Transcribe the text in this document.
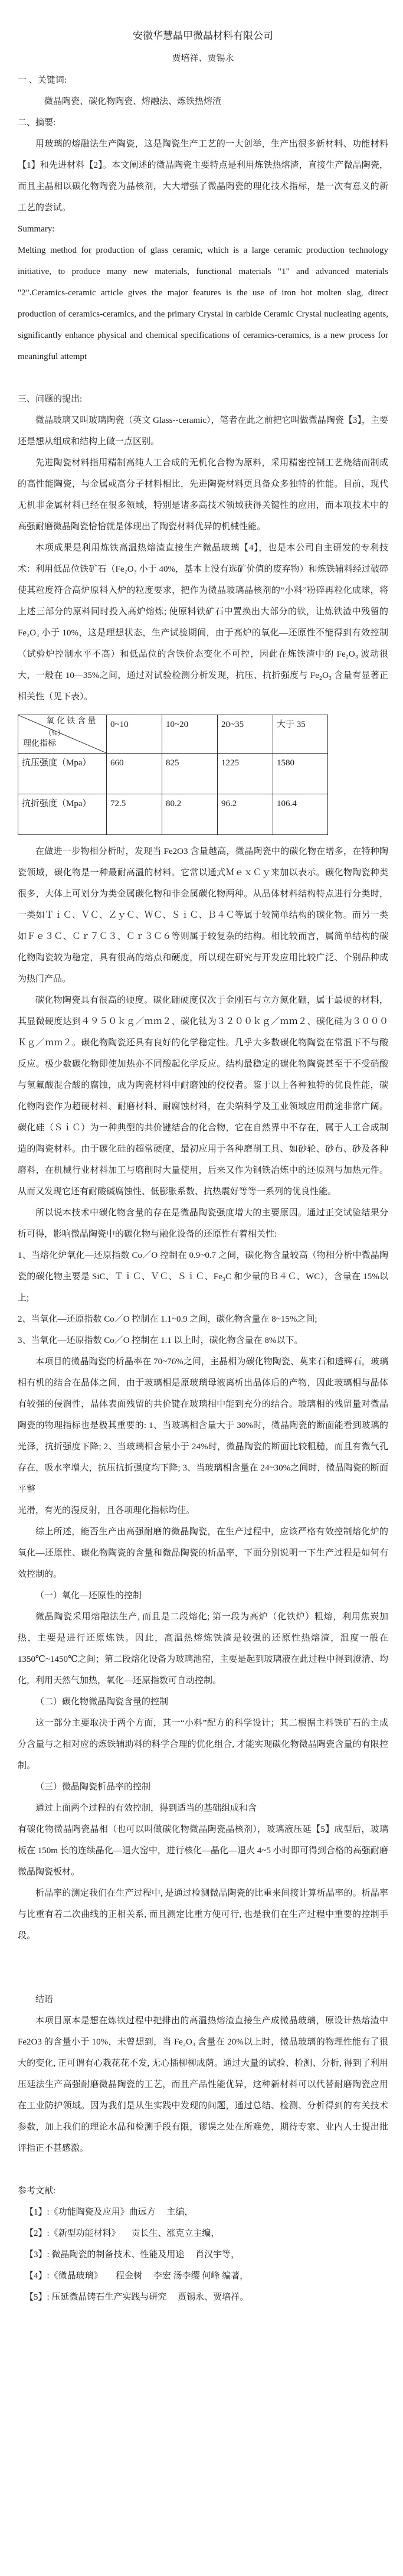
安徽华慧晶甲微晶材料有限公司
贾培祥、贾锡永
一 、关键词:

微晶陶瓷、碳化物陶瓷、熔融法、炼铁热熔渣

二、摘要:

用玻璃的熔融法生产陶瓷，这是陶瓷生产工艺的一大创举，生产出很多新材料、功能材料【1】和先进材料【2】。本文阐述的微晶陶瓷主要特点是利用炼铁热熔渣，直接生产微晶陶瓷，而且主晶相以碳化物陶瓷为晶核剂，大大增强了微晶陶瓷的理化技术指标，是一次有意义的新工艺的尝试。

Summary:

Melting method for production of glass ceramic, which is a large ceramic production technology initiative, to produce many new materials, functional materials "1" and advanced materials "2".Ceramics-ceramic article gives the major features is the use of iron hot molten slag, direct production of ceramics-ceramics, and the primary Crystal in carbide Ceramic Crystal nucleating agents, significantly enhance physical and chemical specifications of ceramics-ceramics, is a new process for meaningful attempt

三、问题的提出:

微晶玻璃又叫玻璃陶瓷（英文 Glass--ceramic），笔者在此之前把它叫做微晶陶瓷【3】，主要还是想从组成和结构上做一点区别。

先进陶瓷材料指用精制高纯人工合成的无机化合物为原料，采用精密控制工艺烧结而制成的高性能陶瓷，与金属或高分子材料相比，先进陶瓷材料更具备众多独特的性能。目前，现代无机非金属材料已经在很多领域，特别是诸多高技术领域获得关键性的应用，而本项技术中的高强耐磨微晶陶瓷恰恰就是体现出了陶瓷材料优异的机械性能。

本项成果是利用炼铁高温热熔渣直接生产微晶玻璃【4】，也是本公司自主研发的专利技术：利用低品位铁矿石（Fe₂O₃ 小于 40%，基本上没有选矿价值的废弃物）和炼铁辅料经过破碎使其粒度符合高炉原料入炉的粒度要求，把作为微晶玻璃晶核剂的“小料”粉碎再粒化成球，将上述三部分的原料同时投入高炉熔炼; 使原料铁矿石中置换出大部分的铁，让炼铁渣中残留的 Fe₂O₃ 小于 10%，这是理想状态，生产试验期间，由于高炉的氧化—还原性不能得到有效控制（试验炉控制水平不高）和低品位的含铁价态变化不可控，因此在炼铁渣中的 Fe₂O₃ 波动很大，一般在 10—35%之间，通过对试验检测分析发现，抗压、抗折强度与 Fe₂O₃ 含量有显著正相关性（见下表）。

氧 化 铁 含 量
（%）
理化指标	0~10	10~20	20~35	大于 35
抗压强度（Mpa）	660	825	1225	1580
抗折强度（Mpa）	72.5	80.2	96.2	106.4

在做进一步物相分析时，发现当 Fe2O3 含量越高，微晶陶瓷中的碳化物在增多，在特种陶瓷领域，碳化物是一种最耐高温的材料。它常以通式ＭｅｘＣｙ来加以表示。碳化物陶瓷种类很多，大体上可划分为类金属碳化物和非金属碳化物两种。从晶体材料结构特点进行分类时，一类如ＴｉＣ、ＶＣ、ＺｙＣ、ＷＣ、ＳｉＣ、Ｂ４Ｃ等属于较简单结构的碳化物。而另一类如Ｆｅ３Ｃ、Ｃｒ７Ｃ３、Ｃｒ３Ｃ６等则属于较复杂的结构。相比较而言，属简单结构的碳化物陶瓷较为稳定，具有很高的熔点和硬度，所以现在研究与开发应用比较广泛、个别品种成为热门产品。

碳化物陶瓷具有很高的硬度。碳化硼硬度仅次于金刚石与立方氮化硼，属于最硬的材料，其显微硬度达到４９５０ｋｇ／ｍｍ２、碳化钛为３２００ｋｇ／ｍｍ２、碳化硅为３０００Ｋｇ／ｍｍ２。碳化物陶瓷还具有良好的化学稳定性。几乎大多数碳化物陶瓷在常温下不与酸反应。极少数碳化物即使加热亦不同酸起化学反应。结构最稳定的碳化物陶瓷甚至于不受硝酸与氢氟酸混合酸的腐蚀，成为陶瓷材料中耐磨蚀的佼佼者。鉴于以上各种独特的优良性能，碳化物陶瓷作为超硬材料、耐磨材料、耐腐蚀材料，在尖端科学及工业领域应用前途非常广阔。碳化硅（ＳｉＣ）为一种典型的共价键结合的化合物，它在自然界中不存在，属于人工合成制造的陶瓷材料。由于碳化硅的超常硬度，最初应用于各种磨削工具、如砂轮、砂布、砂及各种磨料，在机械行业材料加工与磨削时大量使用，后来又作为钢铁冶炼中的还原剂与加热元件。从而又发现它还有耐酸碱腐蚀性、低膨胀系数、抗热震好等等一系列的优良性能。

所以说本技术中碳化物含量的存在是微晶陶瓷强度增大的主要原因。通过正交试验结果分析可得，影响微晶陶瓷中的碳化物与融化设备的还原性有着相关性:

1、当熔化炉氧化—还原指数 Co／O 控制在 0.9~0.7 之间，碳化物含量较高（物相分析中微晶陶瓷的碳化物主要是 SiC、ＴｉＣ、ＶＣ、ＳｉＣ、Fe₃C 和少量的Ｂ４Ｃ、WC），含量在 15%以上;

2、当氧化—还原指数 Co／O 控制在 1.1~0.9 之间，碳化物含量在 8~15%之间;

3、当氧化—还原指数 Co／O 控制在 1.1 以上时，碳化物含量在 8%以下。

本项目的微晶陶瓷的析晶率在 70~76%之间，主晶相为碳化物陶瓷、莫来石和透辉石，玻璃相有机的结合在晶体之间，由于玻璃相是原玻璃母液离析出晶体后的产物，因此玻璃相与晶体有较强的侵润性，晶体表面残留的共价键在玻璃相中能到充分的结合。玻璃相的残留量对微晶陶瓷的物理指标也是极其重要的: 1、当玻璃相含量大于 30%时，微晶陶瓷的断面能看到玻璃的光泽，抗折强度下降; 2、当玻璃相含量小于 24%时，微晶陶瓷的断面比较粗糙，而且有微气孔存在，吸水率增大，抗压抗折强度均下降; 3、当玻璃相含量在 24~30%之间时，微晶陶瓷的断面平整

光滑，有光的漫反射，且各项理化指标均佳。

综上所述，能否生产出高强耐磨的微晶陶瓷，在生产过程中，应该严格有效控制熔化炉的氧化—还原性、碳化物陶瓷的含量和微晶陶瓷的析晶率，下面分别说明一下生产过程是如何有效控制的。

（一）氧化—还原性的控制

微晶陶瓷采用熔融法生产, 而且是二段熔化; 第一段为高炉（化铁炉）粗熔，利用焦炭加热，主要是进行还原炼铁。因此，高温热熔炼铁渣是较强的还原性热熔渣，温度一般在 1350℃~1450℃之间；第二段熔化设备为玻璃池窑，主要是起到玻璃液在此过程中得到澄清、均化，利用天然气加热，氧化—还原指数可自动控制。

（二）碳化物微晶陶瓷含量的控制

这一部分主要取决于两个方面，其一“小料”配方的科学设计；其二根据主料铁矿石的主成分含量与之相对应的炼铁辅助料的科学合理的优化组合, 才能实现碳化物微晶陶瓷含量的有限控制。

（三）微晶陶瓷析晶率的控制

通过上面两个过程的有效控制，得到适当的基础组成和含

有碳化物微晶陶瓷晶相（也可以叫做碳化物微晶陶瓷晶核剂），玻璃液压延【5】成型后，玻璃板在 150m 长的连续晶化—退火窑中，进行核化—晶化—退火 4~5 小时即可得到合格的高强耐磨微晶陶瓷板材。

析晶率的测定我们在生产过程中, 是通过检测微晶陶瓷的比重来间接计算析晶率的。析晶率与比重有着二次曲线的正相关系, 而且测定比重方便可行, 也是我们在生产过程中重要的控制手段。

结语

本项目原本是想在炼铁过程中把排出的高温热熔渣直接生产成微晶玻璃，原设计热熔渣中 Fe2O3 的含量小于 10%，未曾想到，当 Fe₂O₃ 含量在 20%以上时，微晶玻璃的物理性能有了很大的变化, 正可谓有心栽花花不发, 无心插柳柳成荫。通过大量的试验、检测、分析, 得到了利用压延法生产高强耐磨微晶陶瓷的工艺，而且产品性能优异，这种新材料可以代替耐磨陶瓷应用在工业防护领域。因为我们是从生实践中发现的问题，通过总结、检测、分析得到的有关技术参数，加上我们的理论水品和检测手段有限，谬误之处在所难免，期待专家、业内人士提出批评指正不甚感激。

参考文献:

【1】:《功能陶瓷及应用》曲远方　 主编，

【2】:《新型功能材料》 　贡长生、涨克立主编，

【3】: 微晶陶瓷的制备技术、性能及用途　 肖汉宇等，

【4】:《微晶玻璃》　　程金树　 李宏 汤李缨 何峰 编著，

【5】: 压延微晶铸石生产实践与研究　 贾锡永、贾培祥。
